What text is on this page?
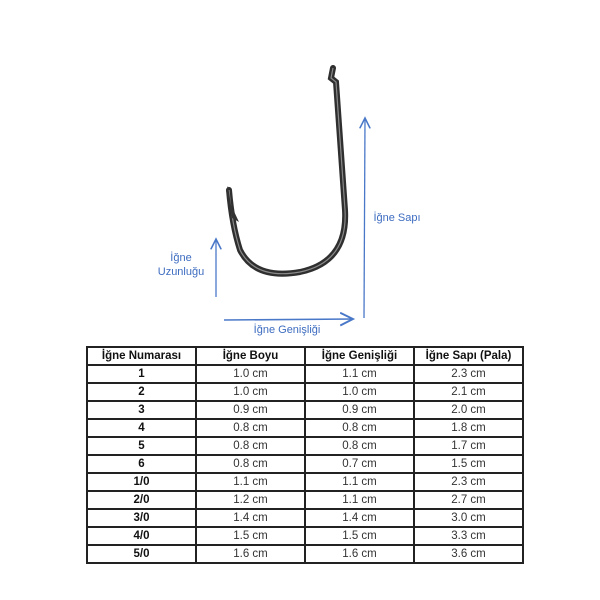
İğne
Uzunluğu
İğne Sapı
İğne Genişliği
İğne Numarası	İğne Boyu	İğne Genişliği	İğne Sapı (Pala)
1	1.0 cm	1.1 cm	2.3 cm
2	1.0 cm	1.0 cm	2.1 cm
3	0.9 cm	0.9 cm	2.0 cm
4	0.8 cm	0.8 cm	1.8 cm
5	0.8 cm	0.8 cm	1.7 cm
6	0.8 cm	0.7 cm	1.5 cm
1/0	1.1 cm	1.1 cm	2.3 cm
2/0	1.2 cm	1.1 cm	2.7 cm
3/0	1.4 cm	1.4 cm	3.0 cm
4/0	1.5 cm	1.5 cm	3.3 cm
5/0	1.6 cm	1.6 cm	3.6 cm
